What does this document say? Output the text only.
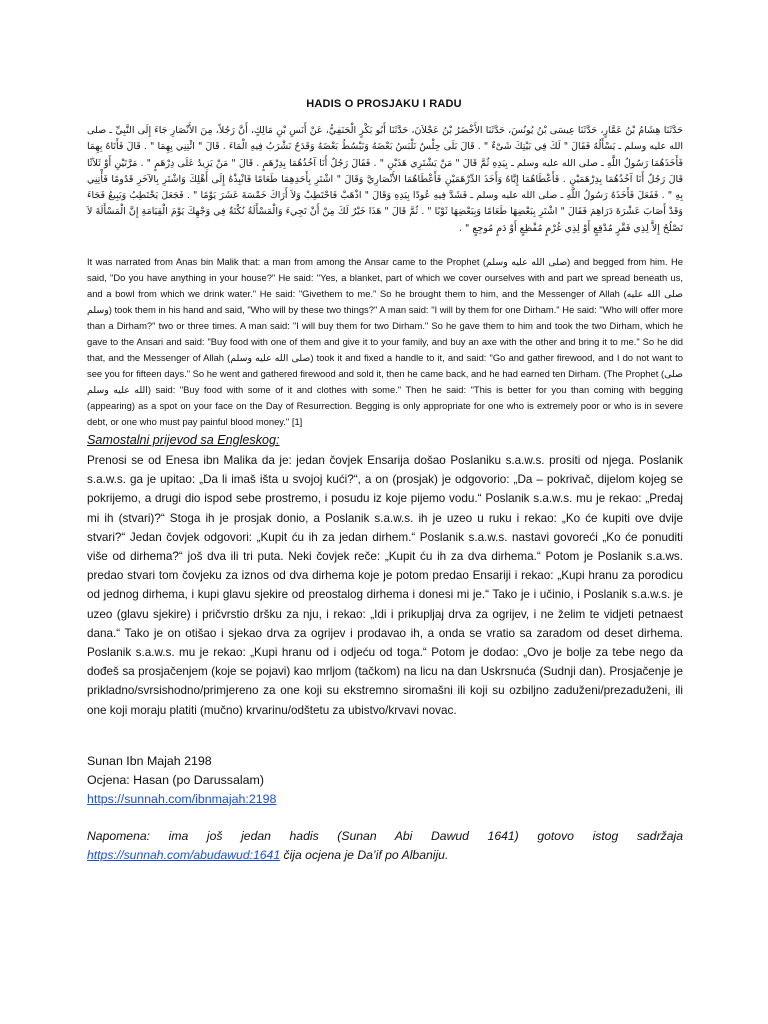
HADIS O PROSJAKU I RADU
حَدَّثَنَا هِشَامُ بْنُ عَمَّارٍ، حَدَّثَنَا عِيسَى بْنُ يُونُسَ، حَدَّثَنَا الأَخْضَرُ بْنُ عَجْلاَنَ، حَدَّثَنَا أَبُو بَكْرٍ الْحَنَفِيُّ، عَنْ أَنَسِ بْنِ مَالِكٍ، أَنَّ رَجُلاً، مِنَ الأَنْصَارِ جَاءَ إِلَى النَّبِيِّ ـ صلى الله عليه وسلم ـ يَسْأَلُهُ فَقَالَ ‏"‏ لَكَ فِي بَيْتِكَ شَىْءٌ ‏"‏ ‏.‏ قَالَ بَلَى حِلْسٌ نَلْبَسُ بَعْضَهُ وَنَبْسُطُ بَعْضَهُ وَقَدَحٌ نَشْرَبُ فِيهِ الْمَاءَ ‏.‏ قَالَ ‏"‏ ائْتِنِي بِهِمَا ‏"‏ ‏.‏ قَالَ فَأَتَاهُ بِهِمَا فَأَخَذَهُمَا رَسُولُ اللَّهِ ـ صلى الله عليه وسلم ـ بِيَدِهِ ثُمَّ قَالَ ‏"‏ مَنْ يَشْتَرِي هَذَيْنِ ‏"‏ ‏.‏ فَقَالَ رَجُلٌ أَنَا آخُذُهُمَا بِدِرْهَمٍ ‏.‏ قَالَ ‏"‏ مَنْ يَزِيدُ عَلَى دِرْهَمٍ ‏"‏ ‏.‏ مَرَّتَيْنِ أَوْ ثَلاَثًا قَالَ رَجُلٌ أَنَا آخُذُهُمَا بِدِرْهَمَيْنِ ‏.‏ فَأَعْطَاهُمَا إِيَّاهُ وَأَخَذَ الدِّرْهَمَيْنِ فَأَعْطَاهُمَا الأَنْصَارِيَّ وَقَالَ ‏"‏ اشْتَرِ بِأَحَدِهِمَا طَعَامًا فَانْبِذْهُ إِلَى أَهْلِكَ وَاشْتَرِ بِالآخَرِ قَدُومًا فَأْتِنِي بِهِ ‏"‏ ‏.‏ فَفَعَلَ فَأَخَذَهُ رَسُولُ اللَّهِ ـ صلى الله عليه وسلم ـ فَشَدَّ فِيهِ عُودًا بِيَدِهِ وَقَالَ ‏"‏ اذْهَبْ فَاحْتَطِبْ وَلاَ أَرَاكَ خَمْسَةَ عَشَرَ يَوْمًا ‏"‏ ‏.‏ فَجَعَلَ يَحْتَطِبُ وَيَبِيعُ فَجَاءَ وَقَدْ أَصَابَ عَشْرَةَ دَرَاهِمَ فَقَالَ ‏"‏ اشْتَرِ بِبَعْضِهَا طَعَامًا وَبِبَعْضِهَا ثَوْبًا ‏"‏ ‏.‏ ثُمَّ قَالَ ‏"‏ هَذَا خَيْرٌ لَكَ مِنْ أَنْ تَجِيءَ وَالْمَسْأَلَةُ نُكْتَةٌ فِي وَجْهِكَ يَوْمَ الْقِيَامَةِ إِنَّ الْمَسْأَلَةَ لاَ تَصْلُحُ إِلاَّ لِذِي فَقْرٍ مُدْقِعٍ أَوْ لِذِي غُرْمٍ مُفْظِعٍ أَوْ دَمٍ مُوجِعٍ ‏"‏ ‏.‏

It was narrated from Anas bin Malik that: a man from among the Ansar came to the Prophet (صلى الله عليه وسلم) and begged from him. He said, "Do you have anything in your house?" He said: "Yes, a blanket, part of which we cover ourselves with and part we spread beneath us, and a bowl from which we drink water." He said: "Givethem to me." So he brought them to him, and the Messenger of Allah (صلى الله عليه وسلم) took them in his hand and said, "Who will by these two things?" A man said: "I will by them for one Dirham." He said: "Who will offer more than a Dirham?" two or three times. A man said: "I will buy them for two Dirham." So he gave them to him and took the two Dirham, which he gave to the Ansari and said: "Buy food with one of them and give it to your family, and buy an axe with the other and bring it to me." So he did that, and the Messenger of Allah (صلى الله عليه وسلم) took it and fixed a handle to it, and said: "Go and gather firewood, and I do not want to see you for fifteen days." So he went and gathered firewood and sold it, then he came back, and he had earned ten Dirham. (The Prophet (صلى الله عليه وسلم) said: "Buy food with some of it and clothes with some." Then he said: "This is better for you than coming with begging (appearing) as a spot on your face on the Day of Resurrection. Begging is only appropriate for one who is extremely poor or who is in severe debt, or one who must pay painful blood money." [1]

Samostalni prijevod sa Engleskog:

Prenosi se od Enesa ibn Malika da je: jedan čovjek Ensarija došao Poslaniku s.a.w.s. prositi od njega. Poslanik s.a.w.s. ga je upitao: „Da li imaš išta u svojoj kući?“, a on (prosjak) je odgovorio: „Da – pokrivač, dijelom kojeg se pokrijemo, a drugi dio ispod sebe prostremo, i posudu iz koje pijemo vodu.“ Poslanik s.a.w.s. mu je rekao: „Predaj mi ih (stvari)?“ Stoga ih je prosjak donio, a Poslanik s.a.w.s. ih je uzeo u ruku i rekao: „Ko će kupiti ove dvije stvari?“ Jedan čovjek odgovori: „Kupit ću ih za jedan dirhem.“ Poslanik s.a.w.s. nastavi govoreći „Ko će ponuditi više od dirhema?“ još dva ili tri puta. Neki čovjek reče: „Kupit ću ih za dva dirhema.“ Potom je Poslanik s.a.ws. predao stvari tom čovjeku za iznos od dva dirhema koje je potom predao Ensariji i rekao: „Kupi hranu za porodicu od jednog dirhema, i kupi glavu sjekire od preostalog dirhema i donesi mi je.“ Tako je i učinio, i Poslanik s.a.w.s. je uzeo (glavu sjekire) i pričvrstio dršku za nju, i rekao: „Idi i prikupljaj drva za ogrijev, i ne želim te vidjeti petnaest dana.“ Tako je on otišao i sjekao drva za ogrijev i prodavao ih, a onda se vratio sa zaradom od deset dirhema. Poslanik s.a.w.s. mu je rekao: „Kupi hranu od i odjeću od toga.“ Potom je dodao: „Ovo je bolje za tebe nego da dođeš sa prosjačenjem (koje se pojavi) kao mrljom (tačkom) na licu na dan Uskrsnuća (Sudnji dan). Prosjačenje je prikladno/svrsishodno/primjereno za one koji su ekstremno siromašni ili koji su ozbiljno zaduženi/prezaduženi, ili one koji moraju platiti (mučno) krvarinu/odštetu za ubistvo/krvavi novac.

Sunan Ibn Majah 2198
Ocjena: Hasan (po Darussalam)
https://sunnah.com/ibnmajah:2198

Napomena: ima još jedan hadis (Sunan Abi Dawud 1641) gotovo istog sadržaja https://sunnah.com/abudawud:1641 čija ocjena je Da’if po Albaniju.
